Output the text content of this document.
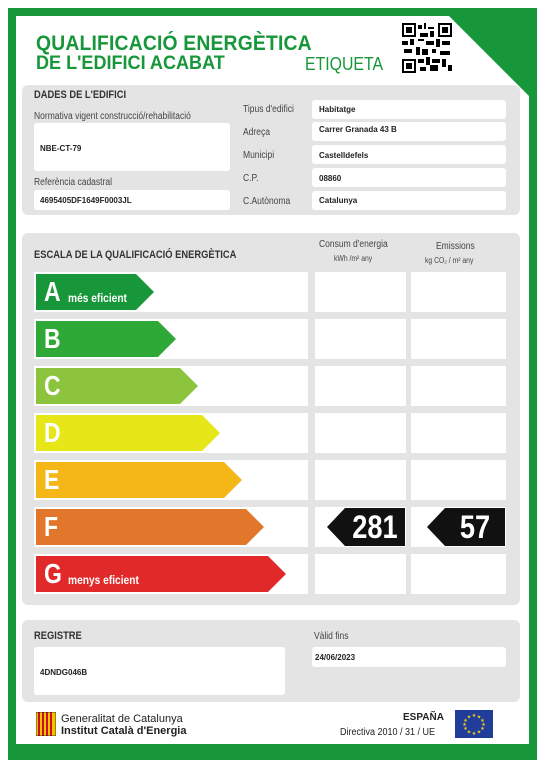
QUALIFICACIÓ ENERGÈTICA
DE L'EDIFICI ACABAT	ETIQUETA
DADES DE L'EDIFICI
Normativa vigent construcció/rehabilitació
NBE-CT-79
Referència cadastral
4695405DF1649F0003JL
Tipus d'edifici	Habitatge
Adreça	Carrer Granada 43 B
Municipi	Castelldefels
C.P.	08860
C.Autònoma	Catalunya
ESCALA DE LA QUALIFICACIÓ ENERGÈTICA
Consum d'energia
kWh /m² any
Emissions
kg CO₂ / m² any
A més eficient
B
C
D
E
F	281	57
G menys eficient
REGISTRE
4DNDG046B
Vàlid fins
24/06/2023
Generalitat de Catalunya
Institut Català d'Energia
ESPAÑA
Directiva 2010 / 31 / UE
★ ★
★
★
★
★
★
★
★
★
★
★
